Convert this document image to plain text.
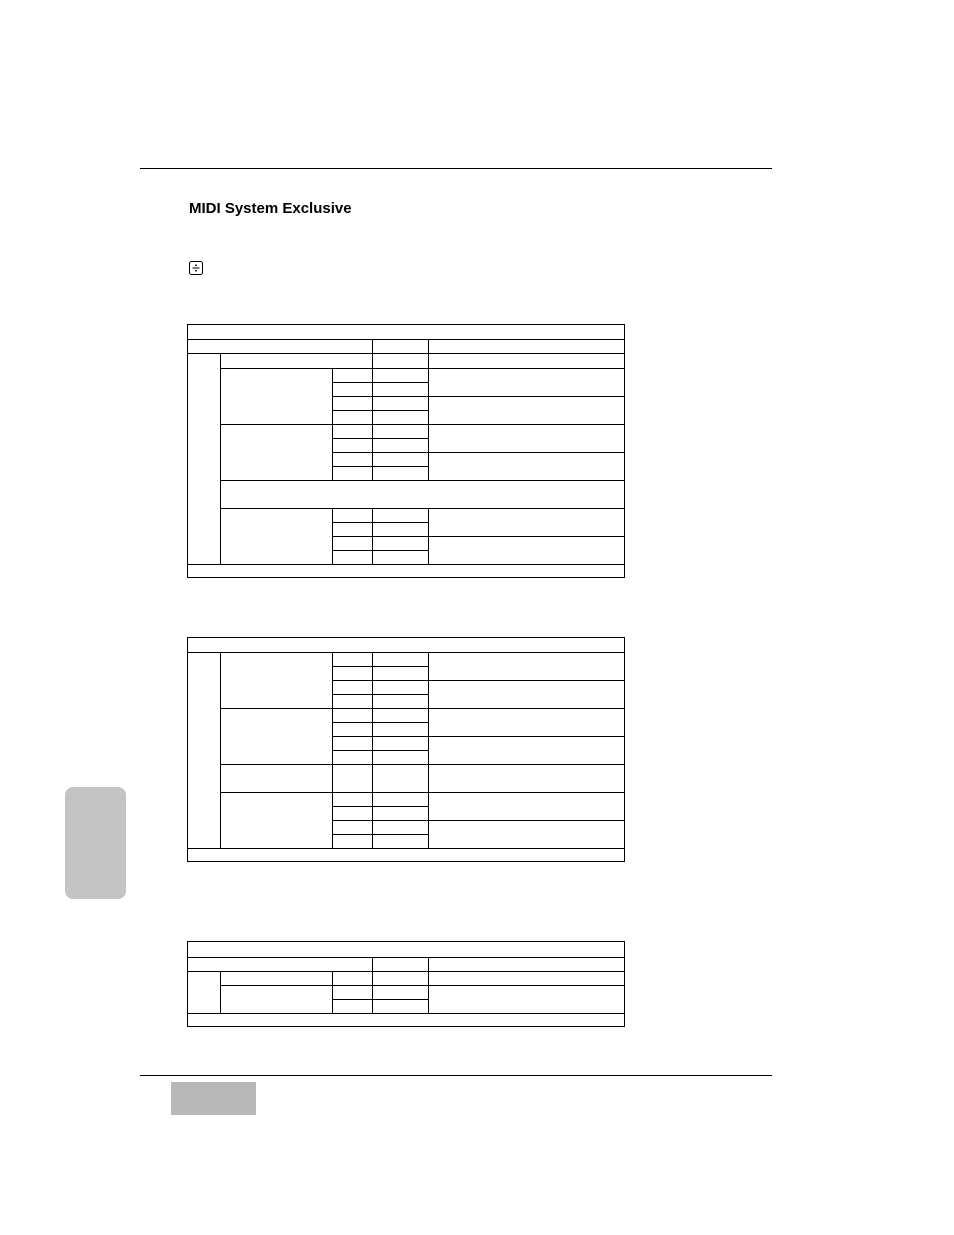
MIDI System Exclusive
